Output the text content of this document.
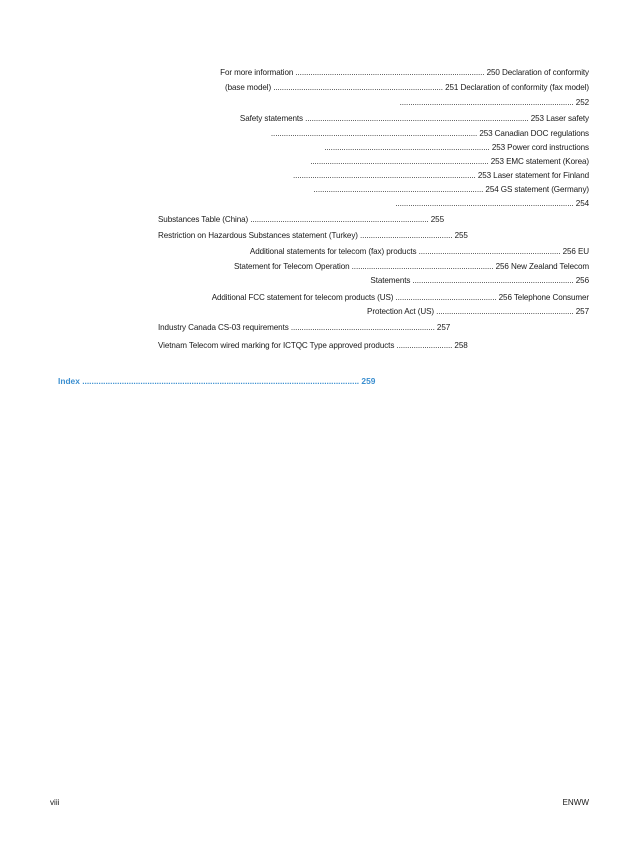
For more information ........................................................................................ 250 Declaration of conformity
(base model) ............................................................................... 251 Declaration of conformity (fax model)
................................................................................. 252
Safety statements ........................................................................................................ 253 Laser safety
................................................................................................ 253 Canadian DOC regulations
............................................................................. 253 Power cord instructions
................................................................................... 253 EMC statement (Korea)
..................................................................................... 253 Laser statement for Finland
............................................................................... 254 GS statement (Germany)
................................................................................... 254
Substances Table (China) ................................................................................... 255
Restriction on Hazardous Substances statement (Turkey) ........................................... 255
Additional statements for telecom (fax) products .................................................................. 256 EU
Statement for Telecom Operation .................................................................. 256 New Zealand Telecom
Statements ........................................................................... 256
Additional FCC statement for telecom products (US) ............................................... 256 Telephone Consumer
Protection Act (US) ................................................................ 257
Industry Canada CS-03 requirements ................................................................... 257
Vietnam Telecom wired marking for ICTQC Type approved products .......................... 258
Index ....................................................................................................................... 259
viii	ENWW
